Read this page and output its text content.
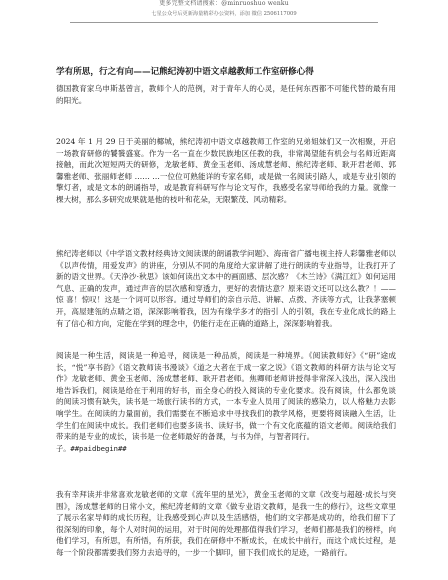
更多完整文档请搜索：@minruoshuo wenku
七星公众号后更新海量精彩办公资料，添加 微信 2506117009
学有所思，行之有向——记熊纪涛初中语文卓越教师工作室研修心得

德国教育家乌申斯基曾言，教师个人的范例，对于青年人的心灵，是任何东西都不可能代替的最有用的阳光。

2024 年 1 月 29 日于美丽的椰城，熊纪涛初中语文卓越教师工作室的兄弟姐妹们又一次相聚，开启一场教育研修的饕餮盛宴。作为一名一直在少数民族地区任教的我，非常渴望能有机会与名师近距离接触，而此次短短两天的研修，龙敏老师、黄金玉老师、汤成慧老师、熊纪涛老师、耿开君老师、郭馨雅老师、张丽师老师 …… …一位位可熟能详的专家名师，或是做一名阅读引路人，或是专业引领的擎灯者，或是文本的朗诵指导，或是教育科研写作与论文写作，我感受名家导师给我的力量。就像一棵大树，那么多研究成果就是他的枝叶和花朵，无限繁茂、风动精彩。

熊纪涛老师以《中学语文教材经典诗文阅读课的朗诵教学问题》、海南省广播电视主持人彩馨雅老师以《以声传情，用爱发声》的讲座，分别从不同的角度给大家讲解了进行朗读的专业指导，让我打开了新的语文世界。《天净沙·秋思》该如何读出文本中的画面感、层次感？《木兰诗》《满江红》如何运用气息、正确的发声，通过声音的层次感和穿透力，更好的表情达意？原来语文还可以这么教？！——惊 喜！惊叹！这是一个词可以形容。通过导师们的亲自示范、讲解、点拨、齐读等方式，让我茅塞顿开，高屋建瓴的点睛之语，深深影响着我，因为有缘学多才的指引 人的引领，我在专业化成长的路上有了信心和方向，定能在学到的理念中，仍能行走在正确的道路上，深深影响着我。

阅读是一种生活，阅读是一种追寻，阅读是一种品质，阅读是一种境界。《阅读教师好》《“研”途成长，“悦”享书韵》《语文教师读书漫谈》《道之大者在于成一家之说》《语文教师的科研方法与论文写作》龙敏老师、黄金玉老师、汤成慧老师、耿开君老师。焦卿师老师讲授得非常深入浅出，深入浅出地告诉我们，阅读是给在于利用的好书，而全身心的投入阅读的专业化要求。没有阅读，什么都免谈的阅读习惯有缺失，读书是一场旅行读书的方式，一本专业人员用了阅读的感染力，以人格魅力去影响学生。在阅读的力量面前，我们需要在不断追求中寻找我们的教学风格，更要将阅读融入生活，让学生们在阅读中成长。我们老师们也要多读书、读好书，做一个有文化底蕴的语文老师。阅读给我们带来的是专业的成长，读书是一位老师最好的备课，与书为伴，与智者同行。

子。##paidbegin##

我有幸拜读并非常喜欢龙敏老师的文章《流年里的星光》，黄金玉老师的文章《改变与超越·成长与突围》，汤成慧老师的日常小文，熊纪涛老师的文章《做专业语文教师，是我一生的修行》，这些文章里了展示名家导师的成长历程，让我感受到心声以及生活感悟，他们的文字都是成功的，给我们留下了很深刻的印象，每个人对时间的运用，对于时间的处理都值得我们学习，老师们都是我们的榜样，向他们学习，有所思，有所悟，有所获，我们在研修中不断成长，在成长中前行，而这个成长过程，是每一个阶段都需要我们努力去追寻的，一步一个脚印，留下我们成长的足迹，一路前行。
